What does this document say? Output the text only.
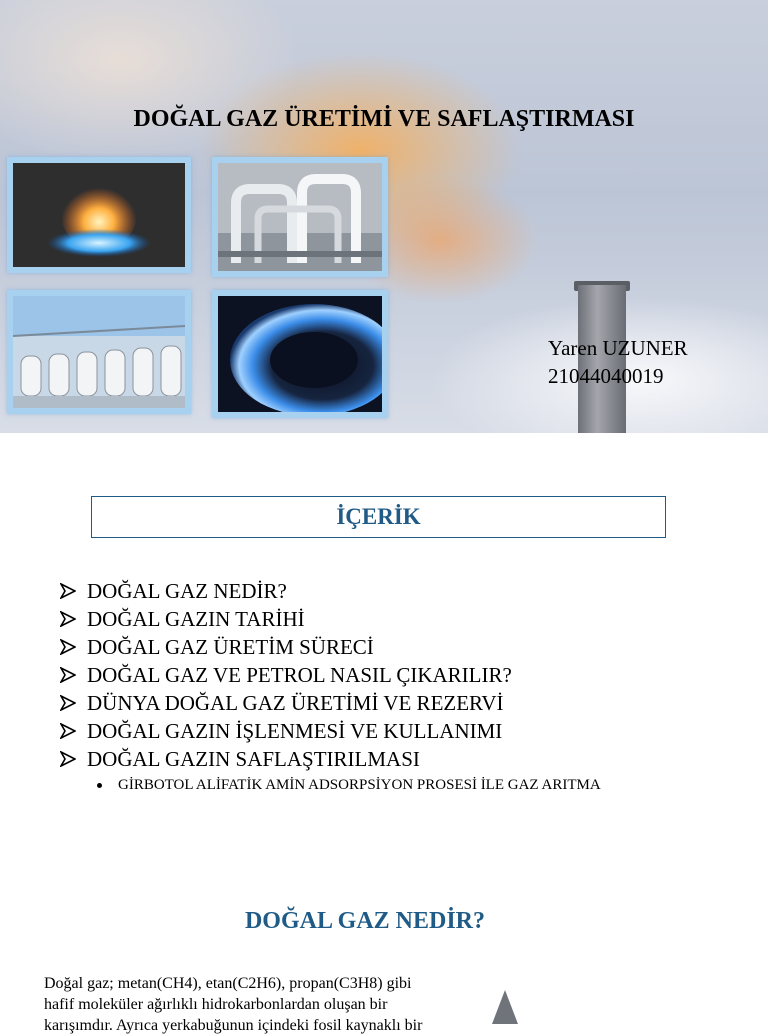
DOĞAL GAZ ÜRETİMİ VE SAFLAŞTIRMASI
Yaren UZUNER
21044040019
İÇERİK
DOĞAL GAZ NEDİR?
DOĞAL GAZIN TARİHİ
DOĞAL GAZ ÜRETİM SÜRECİ
DOĞAL GAZ VE PETROL NASIL ÇIKARILIR?
DÜNYA DOĞAL GAZ ÜRETİMİ VE REZERVİ
DOĞAL GAZIN İŞLENMESİ VE KULLANIMI
DOĞAL GAZIN SAFLAŞTIRILMASI
GİRBOTOL ALİFATİK AMİN ADSORPSİYON PROSESİ İLE GAZ ARITMA
DOĞAL GAZ NEDİR?

Doğal gaz; metan(CH4), etan(C2H6), propan(C3H8) gibi hafif moleküler ağırlıklı hidrokarbonlardan oluşan bir karışımdır. Ayrıca yerkabuğunun içindeki fosil kaynaklı bir
